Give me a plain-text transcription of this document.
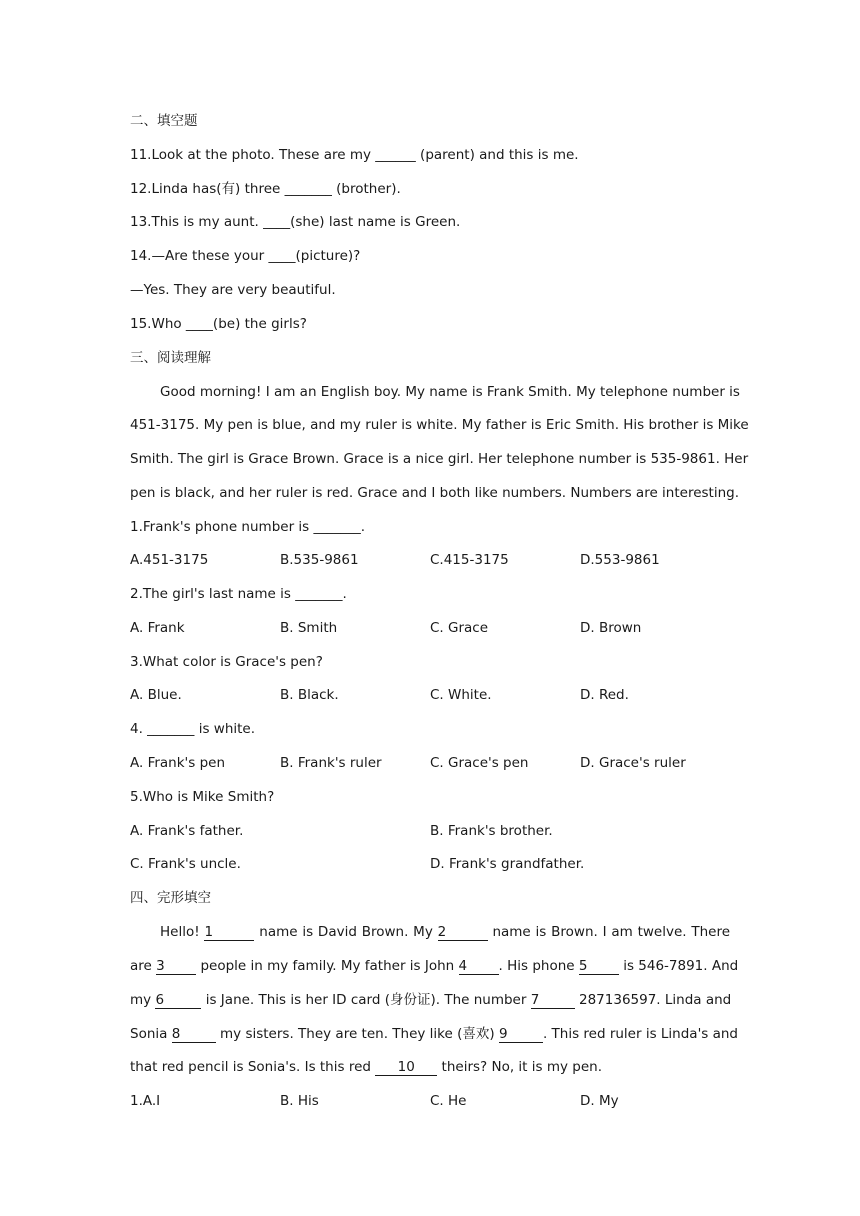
二、填空题
11.Look at the photo. These are my ______ (parent) and this is me.
12.Linda has(有) three _______ (brother).
13.This is my aunt. ____(she) last name is Green.
14.—Are these your ____(picture)?
—Yes. They are very beautiful.
15.Who ____(be) the girls?
三、阅读理解
Good morning! I am an English boy. My name is Frank Smith. My telephone number is
451-3175. My pen is blue, and my ruler is white. My father is Eric Smith. His brother is Mike
Smith. The girl is Grace Brown. Grace is a nice girl. Her telephone number is 535-9861. Her
pen is black, and her ruler is red. Grace and I both like numbers. Numbers are interesting.
1.Frank's phone number is _______.
A.451-3175	B.535-9861	C.415-3175	D.553-9861
2.The girl's last name is _______.
A. Frank	B. Smith	C. Grace	D. Brown
3.What color is Grace's pen?
A. Blue.	B. Black.	C. White.	D. Red.
4. _______ is white.
A. Frank's pen	B. Frank's ruler	C. Grace's pen	D. Grace's ruler
5.Who is Mike Smith?
A. Frank's father.	B. Frank's brother.
C. Frank's uncle.	D. Frank's grandfather.
四、完形填空
Hello! 1	name is David Brown. My 2	name is Brown. I am twelve. There
are 3	people in my family. My father is John 4 . His phone 5	is 546-7891. And
my 6	is Jane. This is her ID card (身份证). The number 7	287136597. Linda and
Sonia 8	my sisters. They are ten. They like (喜欢) 9	. This red ruler is Linda's and
that red pencil is Sonia's. Is this red 10 theirs? No, it is my pen.
1.A.I	B. His	C. He	D. My
